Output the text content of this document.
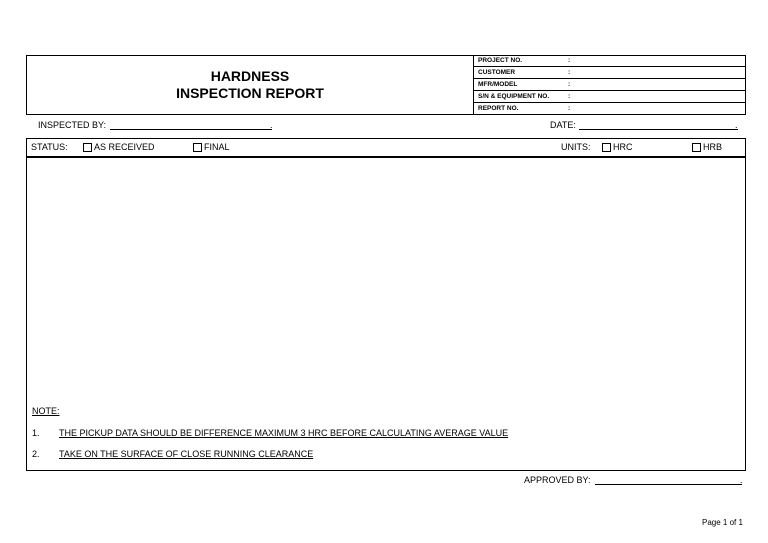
HARDNESS
INSPECTION REPORT
PROJECT NO.	:
CUSTOMER	:
MFR/MODEL	:
S/N & EQUIPMENT NO.	:
REPORT NO.	:
INSPECTED BY:	.	DATE:	.
STATUS:	AS RECEIVED	FINAL	UNITS: HRC	HRB
NOTE:
1. THE PICKUP DATA SHOULD BE DIFFERENCE MAXIMUM 3 HRC BEFORE CALCULATING AVERAGE VALUE
2. TAKE ON THE SURFACE OF CLOSE RUNNING CLEARANCE
APPROVED BY:	.
Page 1 of 1
